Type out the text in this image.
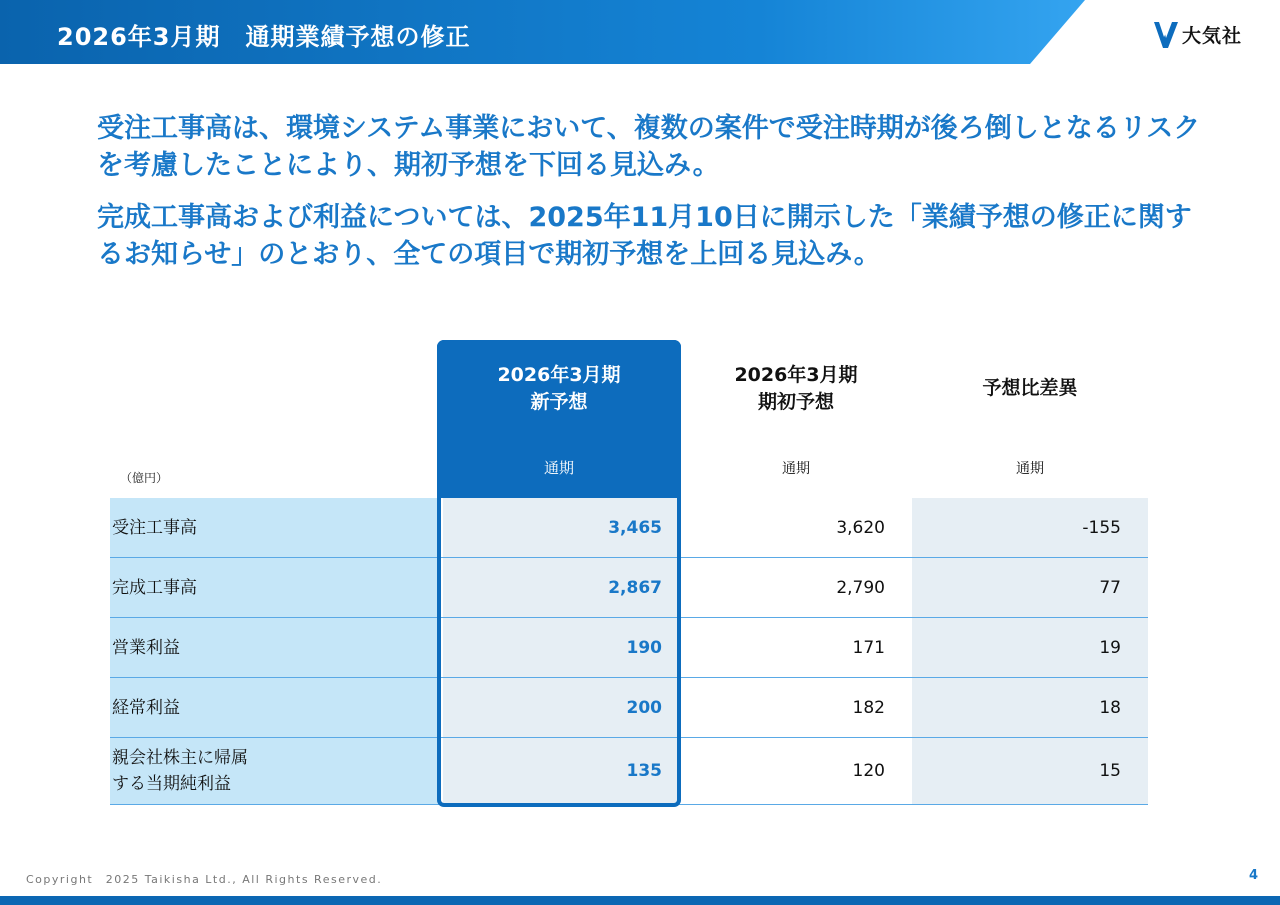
2026年3月期　通期業績予想の修正	大気社
受注工事高は、環境システム事業において、複数の案件で受注時期が後ろ倒しとなるリスクを考慮したことにより、期初予想を下回る見込み。
完成工事高および利益については、2025年11月10日に開示した「業績予想の修正に関するお知らせ」のとおり、全ての項目で期初予想を上回る見込み。
2026年3月期
新予想
通期
2026年3月期
期初予想
通期
予想比差異
通期
（億円）
受注工事高	3,465	3,620	-155
完成工事高	2,867	2,790	77
営業利益	190	171	19
経常利益	200	182	18
親会社株主に帰属
する当期純利益
135	120	15
Copyright　2025 Taikisha Ltd., All Rights Reserved.	4
